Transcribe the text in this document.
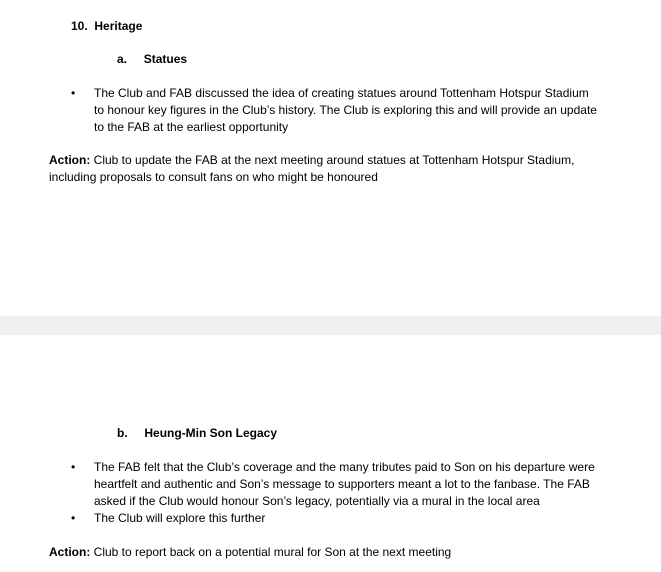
10. Heritage
a. Statues
• The Club and FAB discussed the idea of creating statues around Tottenham Hotspur Stadium
to honour key figures in the Club’s history. The Club is exploring this and will provide an update
to the FAB at the earliest opportunity
Action: Club to update the FAB at the next meeting around statues at Tottenham Hotspur Stadium,
including proposals to consult fans on who might be honoured
b. Heung-Min Son Legacy
• The FAB felt that the Club’s coverage and the many tributes paid to Son on his departure were
heartfelt and authentic and Son’s message to supporters meant a lot to the fanbase. The FAB
asked if the Club would honour Son’s legacy, potentially via a mural in the local area
• The Club will explore this further
Action: Club to report back on a potential mural for Son at the next meeting
